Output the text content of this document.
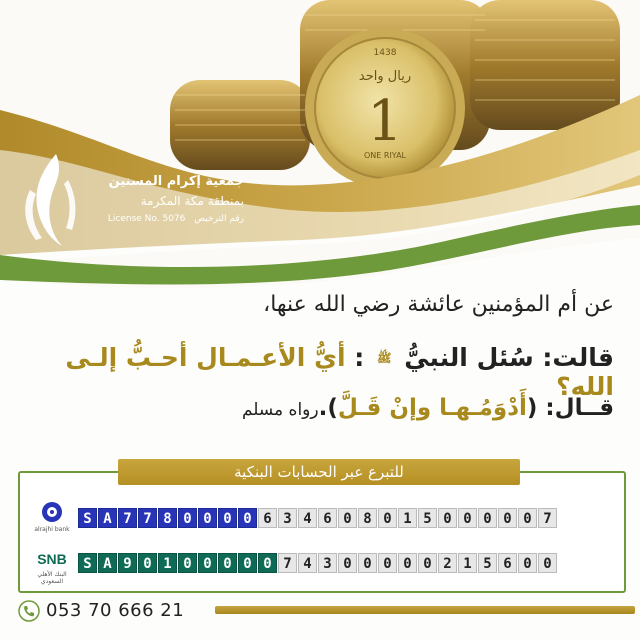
1438
ريال واحد
1
ONE RIYAL
جمعية إكرام المسنين
بمنطقة مكة المكرمة
License No. 5076 رقم الترخيص
عن أم المؤمنين عائشة رضي الله عنها،
قالت: سُئل النبيُّ ﷺ : أيُّ الأعـمـال أحـبُّ إلـى الله؟
قــال: (أَدْوَمُـهـا وإنْ قَـلَّ).رواه مسلم
للتبرع عبر الحسابات البنكية
alrajhi bank
S A 7 7 8 0 0 0 0 6 3 4 6 0 8 0 1 5 0 0 0 0 0 7
SNB
البنك الأهلي السعودي
S A 9 0 1 0 0 0 0 0 7 4 3 0 0 0 0 0 2 1 5 6 0 0
053 70 666 21
